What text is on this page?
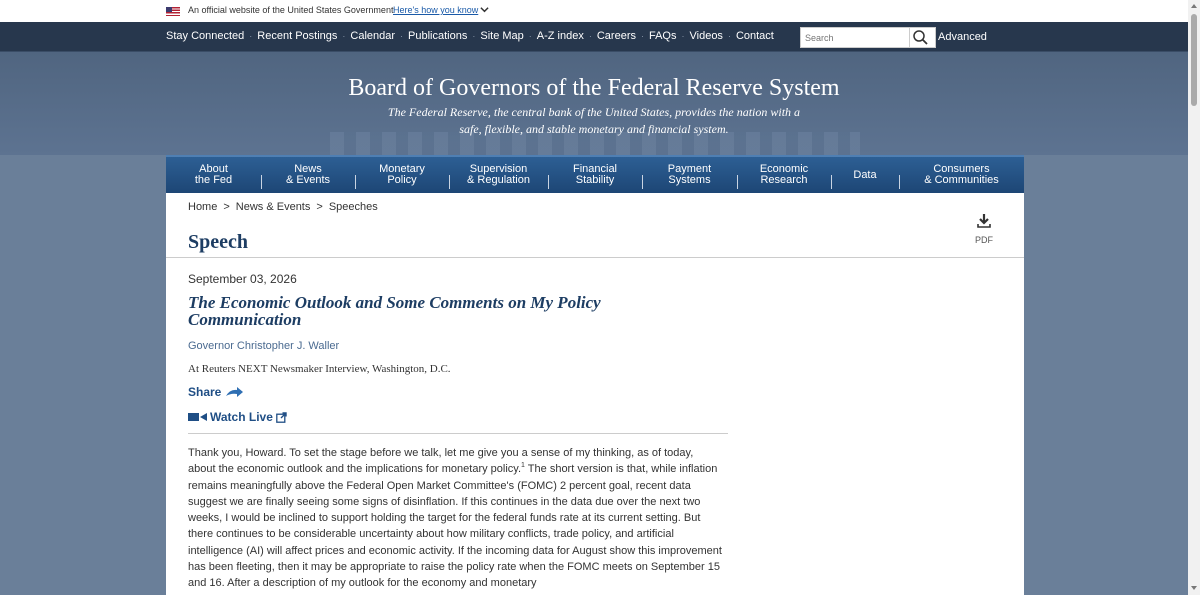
An official website of the United States Government Here's how you know
Stay Connected · Recent Postings · Calendar · Publications · Site Map · A-Z index · Careers · FAQs · Videos · Contact
Search	Advanced
Board of Governors of the Federal Reserve System
The Federal Reserve, the central bank of the United States, provides the nation with a
safe, flexible, and stable monetary and financial system.
About
the Fed
News
& Events
Monetary
Policy
Supervision
& Regulation
Financial
Stability
Payment
Systems
Economic
Research	Data	Consumers
& Communities
Home > News & Events > Speeches
Speech	PDF
September 03, 2026
The Economic Outlook and Some Comments on My Policy Communication
Governor Christopher J. Waller
At Reuters NEXT Newsmaker Interview, Washington, D.C.
Share
Watch Live

Thank you, Howard. To set the stage before we talk, let me give you a sense of my thinking, as of today, about the economic outlook and the implications for monetary policy.$^1$ The short version is that, while inflation remains meaningfully above the Federal Open Market Committee's (FOMC) 2 percent goal, recent data suggest we are finally seeing some signs of disinflation. If this continues in the data due over the next two weeks, I would be inclined to support holding the target for the federal funds rate at its current setting. But there continues to be considerable uncertainty about how military conflicts, trade policy, and artificial intelligence (AI) will affect prices and economic activity. If the incoming data for August show this improvement has been fleeting, then it may be appropriate to raise the policy rate when the FOMC meets on September 15 and 16. After a description of my outlook for the economy and monetary
